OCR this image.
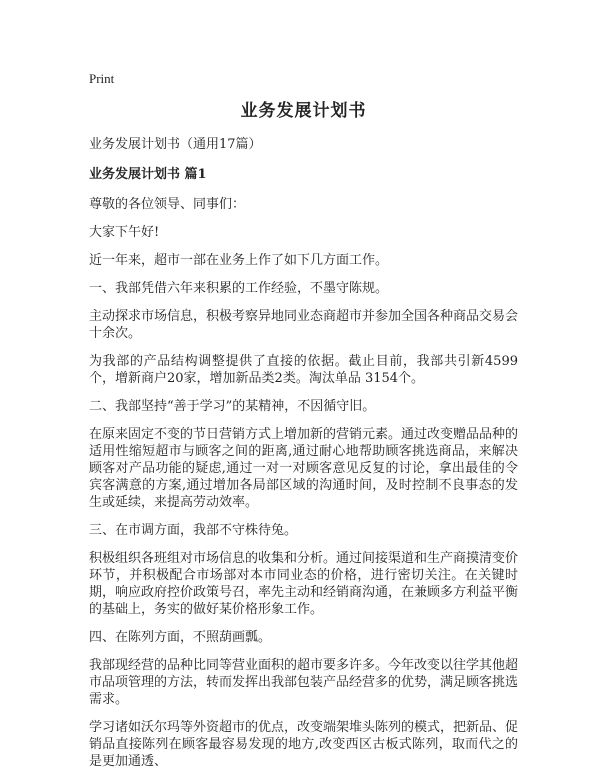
Print
业务发展计划书
业务发展计划书（通用17篇）
业务发展计划书 篇1
尊敬的各位领导、同事们：
大家下午好!
近一年来，超市一部在业务上作了如下几方面工作。
一、我部凭借六年来积累的工作经验，不墨守陈规。
主动探求市场信息，积极考察异地同业态商超市并参加全国各种商品交易会十余次。
为我部的产品结构调整提供了直接的依据。截止目前，我部共引新4599个，增新商户20家，增加新品类2类。淘汰单品 3154个。
二、我部坚持“善于学习”的某精神，不因循守旧。
在原来固定不变的节日营销方式上增加新的营销元素。通过改变赠品品种的适用性缩短超市与顾客之间的距离,通过耐心地帮助顾客挑选商品，来解决顾客对产品功能的疑虑,通过一对一对顾客意见反复的讨论，拿出最佳的令宾客满意的方案,通过增加各局部区域的沟通时间，及时控制不良事态的发生或延续，来提高劳动效率。
三、在市调方面，我部不守株待兔。
积极组织各班组对市场信息的收集和分析。通过间接渠道和生产商摸清变价环节，并积极配合市场部对本市同业态的价格，进行密切关注。在关键时期，响应政府控价政策号召，率先主动和经销商沟通，在兼顾多方利益平衡的基础上，务实的做好某价格形象工作。
四、在陈列方面，不照葫画瓢。
我部现经营的品种比同等营业面积的超市要多许多。今年改变以往学其他超市品项管理的方法，转而发挥出我部包装产品经营多的优势，满足顾客挑选需求。
学习诸如沃尔玛等外资超市的优点，改变端架堆头陈列的模式，把新品、促销品直接陈列在顾客最容易发现的地方,改变西区古板式陈列，取而代之的是更加通透、
